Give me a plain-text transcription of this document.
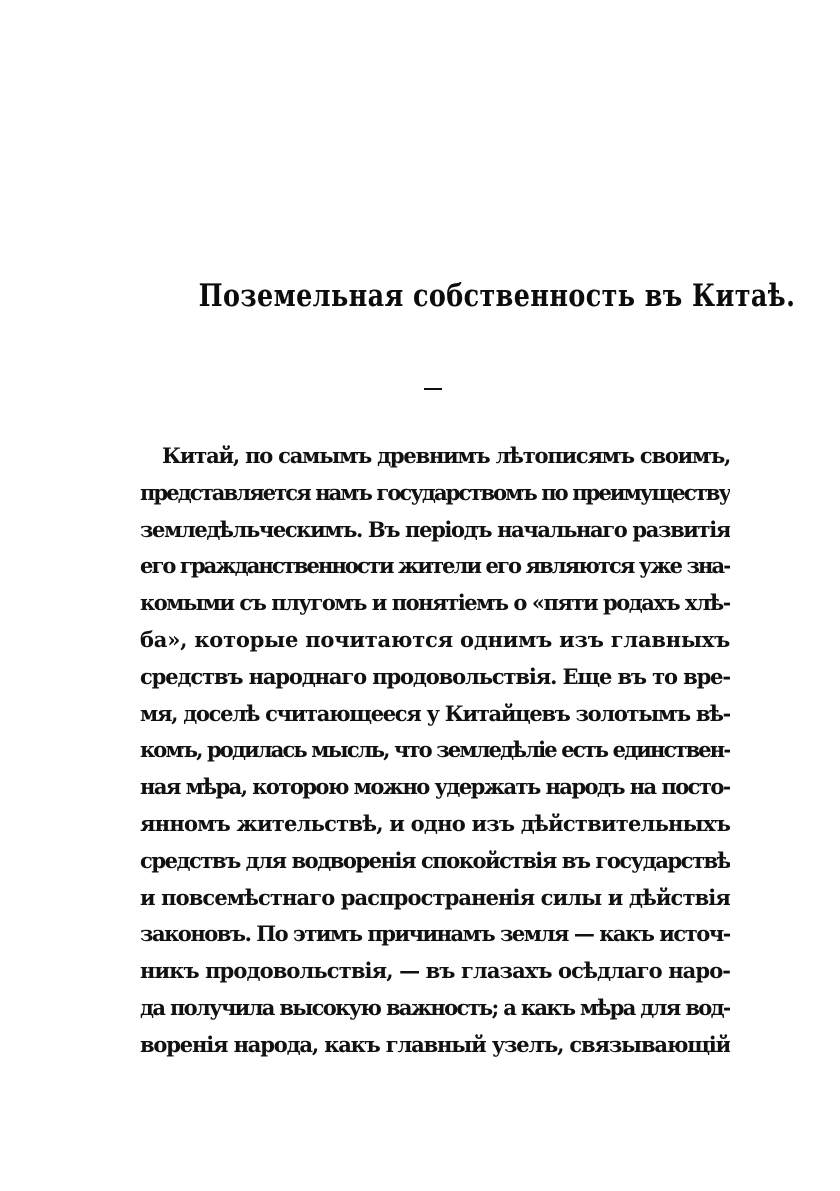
Поземельная собственность въ Китаѣ.
Китай, по самымъ древнимъ лѣтописямъ своимъ,
представляется намъ государствомъ по преимуществу
земледѣльческимъ. Въ періодъ начальнаго развитія
его гражданственности жители его являются уже зна-
комыми съ плугомъ и понятіемъ о «пяти родахъ хлѣ-
ба», которые почитаются однимъ изъ главныхъ
средствъ народнаго продовольствія. Еще въ то вре-
мя, доселѣ считающееся у Китайцевъ золотымъ вѣ-
комъ, родилась мысль, что земледѣліе есть единствен-
ная мѣра, которою можно удержать народъ на посто-
янномъ жительствѣ, и одно изъ дѣйствительныхъ
средствъ для водворенія спокойствія въ государствѣ
и повсемѣстнаго распространенія силы и дѣйствія
законовъ. По этимъ причинамъ земля — какъ источ-
никъ продовольствія, — въ глазахъ осѣдлаго наро-
да получила высокую важность; а какъ мѣра для вод-
воренія народа, какъ главный узелъ, связывающій
